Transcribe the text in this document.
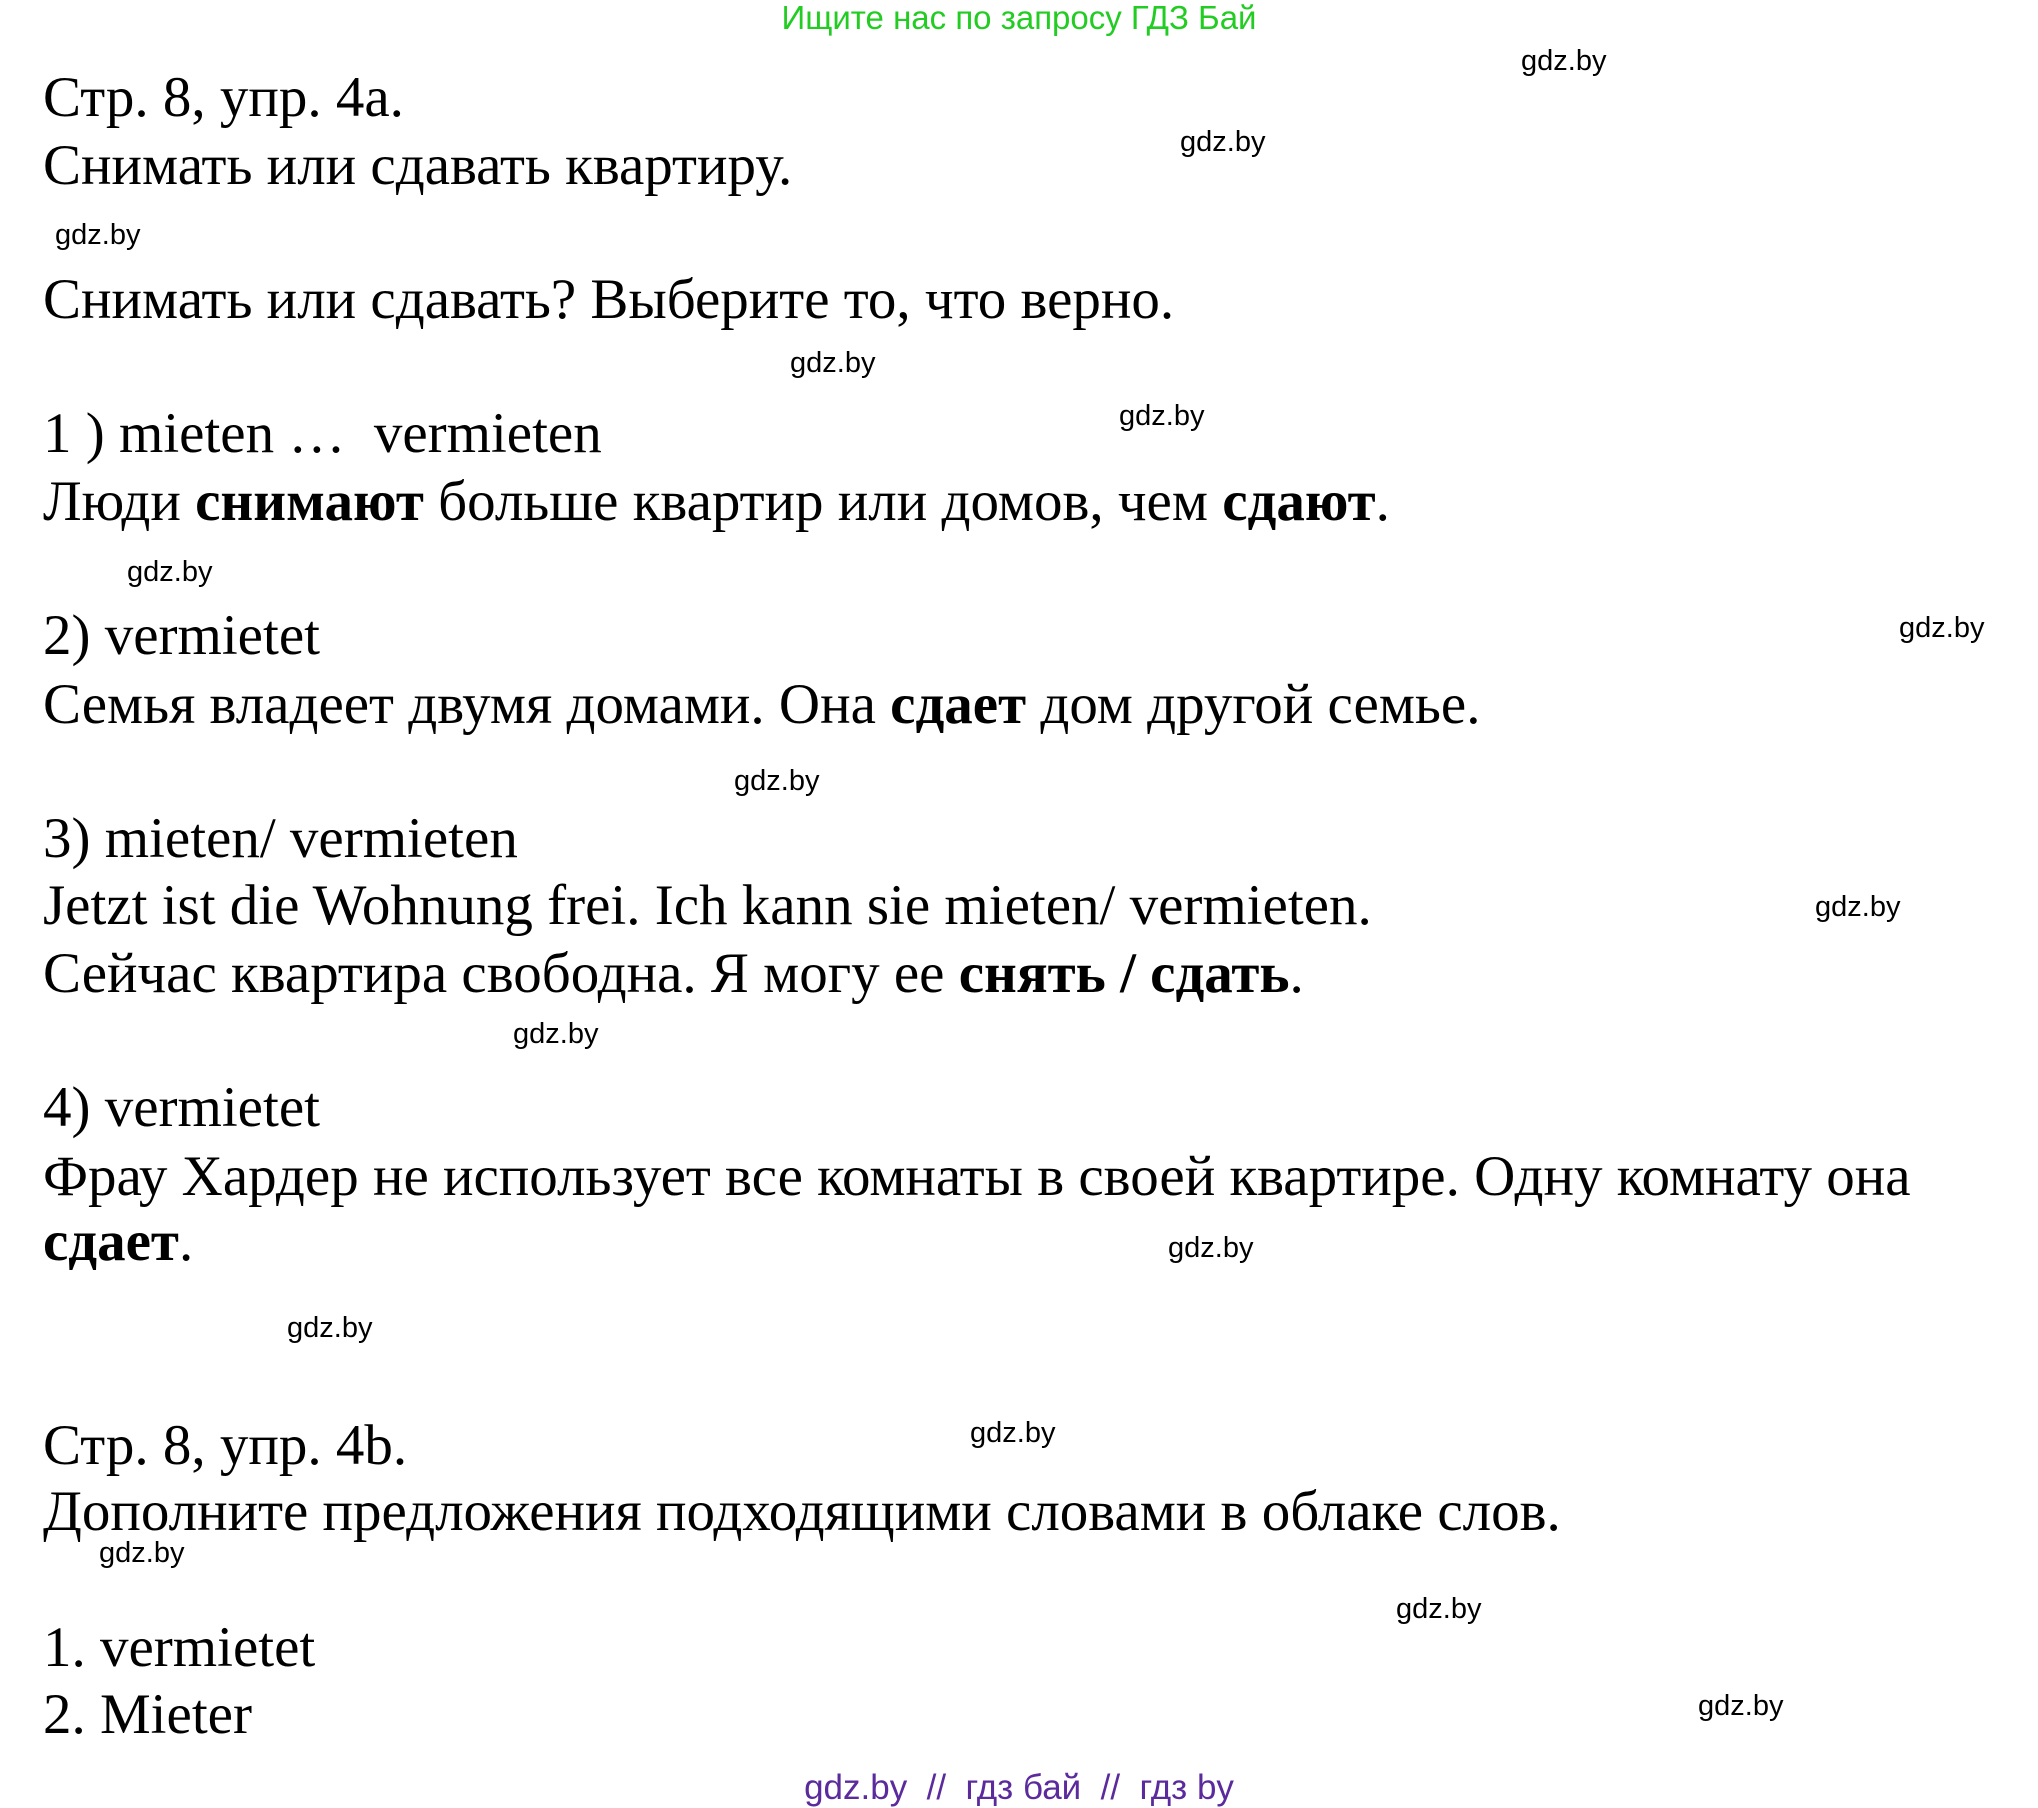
Ищите нас по запросу ГДЗ Бай
Стр. 8, упр. 4а.
Снимать или сдавать квартиру.
Снимать или сдавать? Выберите то, что верно.
1 ) mieten …  vermieten
Люди снимают больше квартир или домов, чем сдают.
2) vermietet
Семья владеет двумя домами. Она сдает дом другой семье.
3) mieten/ vermieten
Jetzt ist die Wohnung frei. Ich kann sie mieten/ vermieten.
Сейчас квартира свободна. Я могу ее снять / сдать.
4) vermietet
Фрау Хардер не использует все комнаты в своей квартире. Одну комнату она
сдает.
Стр. 8, упр. 4b.
Дополните предложения подходящими словами в облаке слов.
1. vermietet
2. Mieter
gdz.by
gdz.by
gdz.by
gdz.by
gdz.by
gdz.by
gdz.by
gdz.by
gdz.by
gdz.by
gdz.by
gdz.by
gdz.by
gdz.by
gdz.by
gdz.by
gdz.by  //  гдз бай  //  гдз by
